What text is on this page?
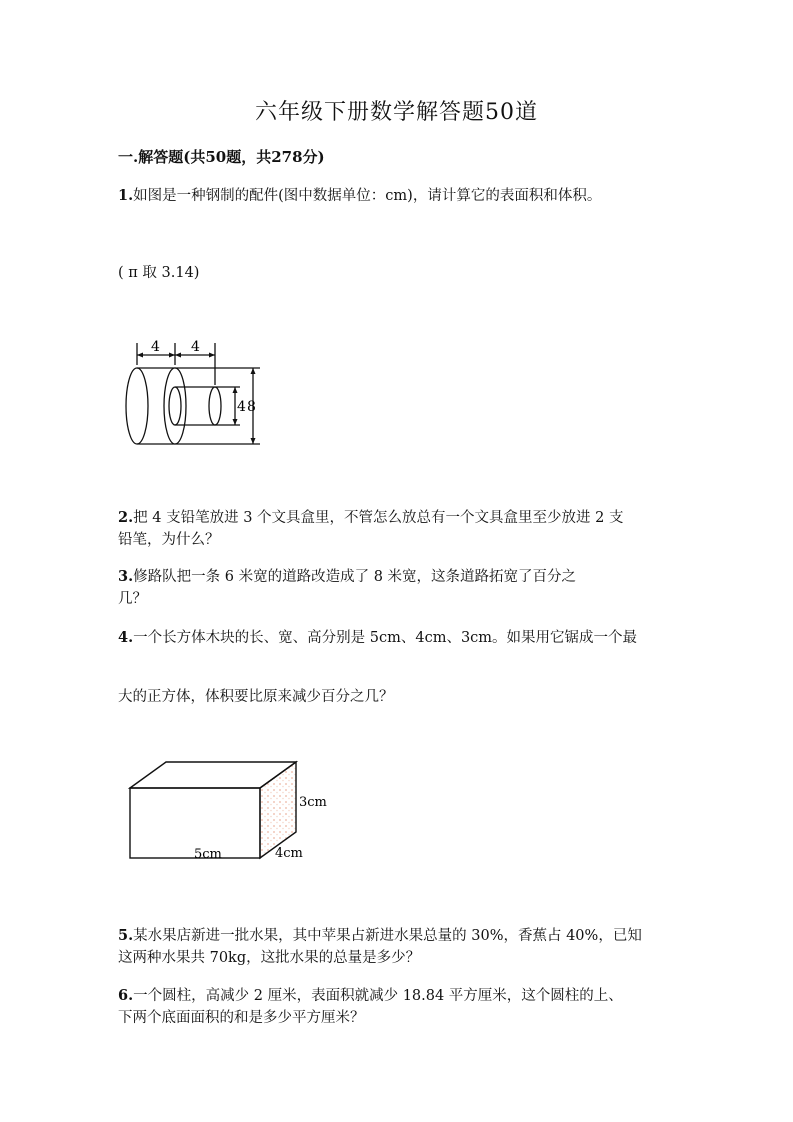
六年级下册数学解答题50道
一.解答题(共50题，共278分)
1.如图是一种钢制的配件(图中数据单位：cm)，请计算它的表面积和体积。
( π 取 3.14)
4 4
4 8
2.把 4 支铅笔放进 3 个文具盒里，不管怎么放总有一个文具盒里至少放进 2 支
铅笔，为什么？
3.修路队把一条 6 米宽的道路改造成了 8 米宽，这条道路拓宽了百分之
几？
4.一个长方体木块的长、宽、高分别是 5cm、4cm、3cm。如果用它锯成一个最
大的正方体，体积要比原来减少百分之几？
3cm
5cm	4cm
5.某水果店新进一批水果，其中苹果占新进水果总量的 30%，香蕉占 40%，已知
这两种水果共 70kg，这批水果的总量是多少？
6.一个圆柱，高减少 2 厘米，表面积就减少 18.84 平方厘米，这个圆柱的上、
下两个底面面积的和是多少平方厘米？
